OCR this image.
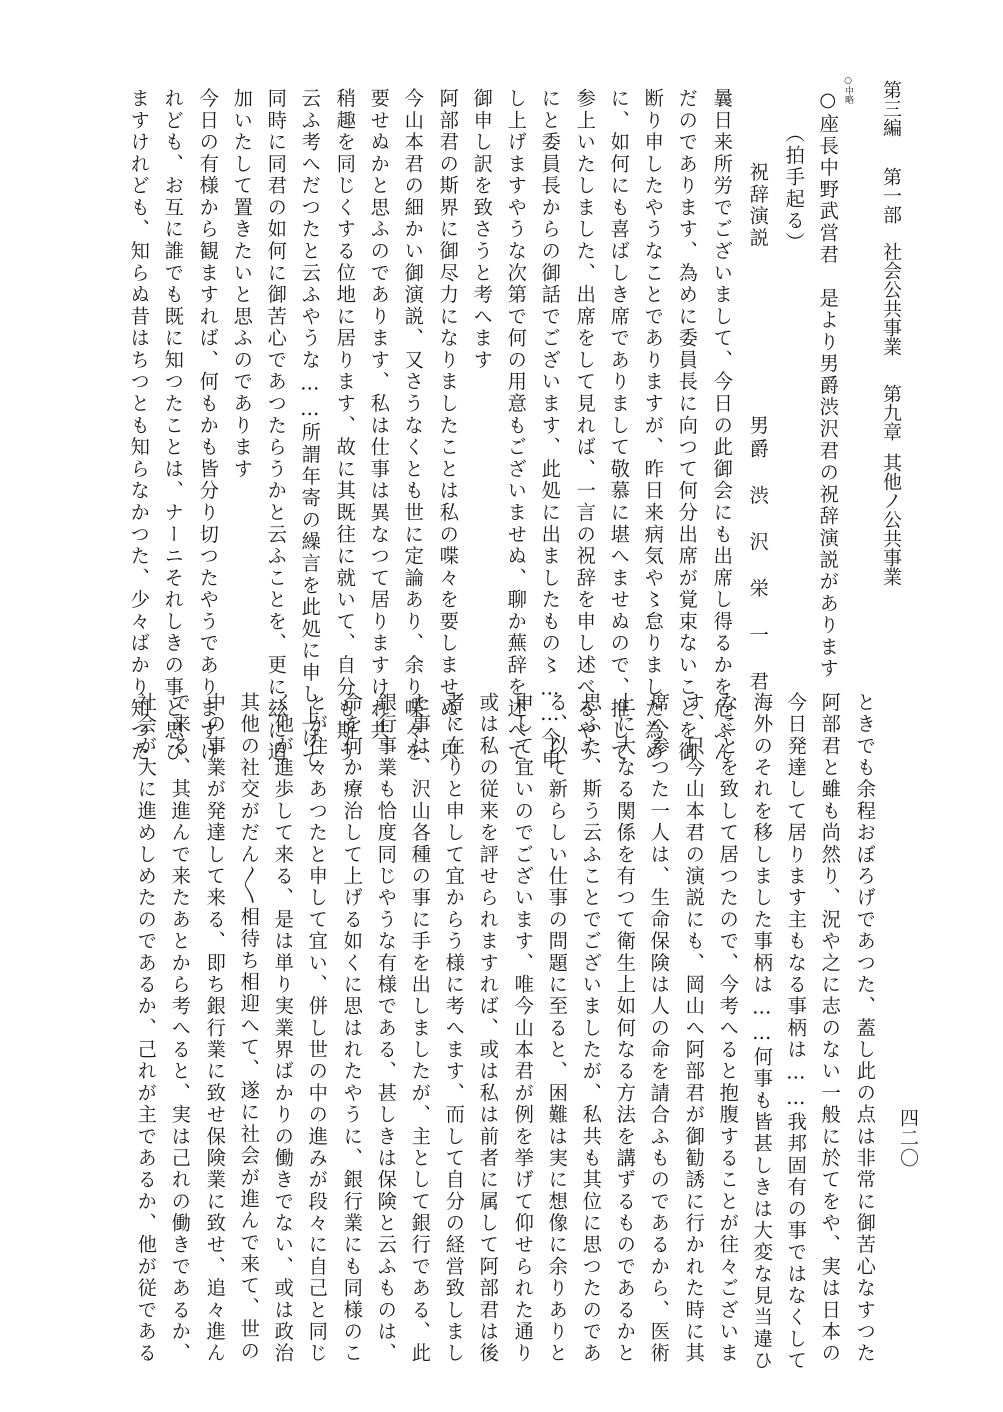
第三編第一部社会公共事業第九章其他ノ公共事業
四二〇
○中略
○座長中野武営君　是より男爵渋沢君の祝辞演説があります
（拍手起る）
祝辞演説
男爵　渋　沢　栄　一　君
曩日来所労でございまして、今日の此御会にも出席し得るかを危ぶん
だのであります、為めに委員長に向つて何分出席が覚束ないことを御
断り申したやうなことでありますが、昨日来病気や〻怠りました為め
に、如何にも喜ばしき席でありまして敬慕に堪へませぬので、推して
参上いたしました、出席をして見れば、一言の祝辞を申し述べるやう
にと委員長からの御話でございます、此処に出ましたもの〻……今申
し上げますやうな次第で何の用意もございませぬ、聊か蕪辞を述べて
御申し訳を致さうと考へます
阿部君の斯界に御尽力になりましたことは私の喋々を要しませぬ、只
今山本君の細かい御演説、又さうなくとも世に定論あり、余り喋々を
要せぬかと思ふのであります、私は仕事は異なつて居りますけれ共、
稍趣を同じくする位地に居ります、故に其既往に就いて、自分も斯う
云ふ考へだつたと云ふやうな……所謂年寄の繰言を此処に申し上げて
同時に同君の如何に御苦心であつたらうかと云ふことを、更に玆に追
加いたして置きたいと思ふのであります
今日の有様から観ますれば、何もかも皆分り切つたやうでありますけ
れども、お互に誰でも既に知つたことは、ナーニそれしきの事と思ひ
ますけれども、知らぬ昔はちつとも知らなかつた、少々ばかり知つた
ときでも余程おぼろげであつた、蓋し此の点は非常に御苦心なすつた
阿部君と雖も尚然り、況や之に志のない一般に於てをや、実は日本の
今日発達して居ります主もなる事柄は……我邦固有の事ではなくして
海外のそれを移しました事柄は……何事も皆甚しきは大変な見当違ひ
なことを致して居つたので、今考へると抱腹することが往々ございま
す、只今山本君の演説にも、岡山へ阿部君が御勧誘に行かれた時に其
席へ参つた一人は、生命保険は人の命を請合ふものであるから、医術
上に大なる関係を有つて衛生上如何なる方法を講ずるものであるかと
思ふた、斯う云ふことでございましたが、私共も其位に思つたのであ
る、以て新らしい仕事の問題に至ると、困難は実に想像に余りありと
申して宜いのでございます、唯今山本君が例を挙げて仰せられた通り
或は私の従来を評せられますれば、或は私は前者に属して阿部君は後
者に在りと申して宜からう様に考へます、而して自分の経営致しまし
た事は、沢山各種の事に手を出しましたが、主として銀行である、此
銀行事業も恰度同じやうな有様である、甚しきは保険と云ふものは、
命を何か療治して上げる如くに思はれたやうに、銀行業にも同様のこ
とが往々あつたと申して宜い、併し世の中の進みが段々に自己と同じ
く他が進歩して来る、是は単り実業界ばかりの働きでない、或は政治
其他の社交がだん〳〵相待ち相迎へて、遂に社会が進んで来て、世の
中の事業が発達して来る、即ち銀行業に致せ保険業に致せ、追々進ん
で来る、其進んで来たあとから考へると、実は己れの働きであるか、
社会が大に進めしめたのであるか、己れが主であるか、他が従である
